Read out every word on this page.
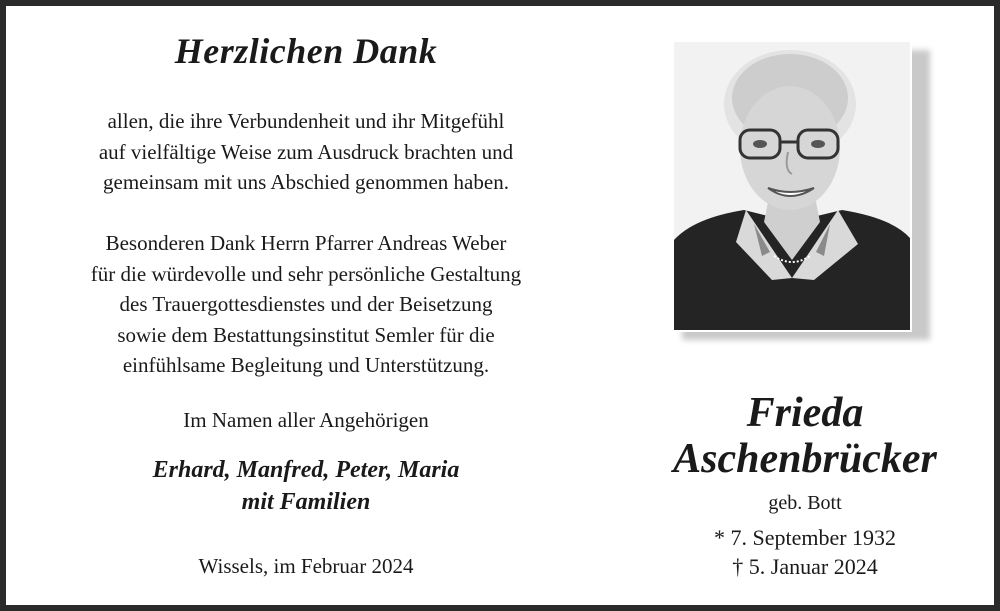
Herzlichen Dank
allen, die ihre Verbundenheit und ihr Mitgefühl
auf vielfältige Weise zum Ausdruck brachten und
gemeinsam mit uns Abschied genommen haben.
Besonderen Dank Herrn Pfarrer Andreas Weber
für die würdevolle und sehr persönliche Gestaltung
des Trauergottesdienstes und der Beisetzung
sowie dem Bestattungsinstitut Semler für die
einfühlsame Begleitung und Unterstützung.
Im Namen aller Angehörigen
Erhard, Manfred, Peter, Maria
mit Familien
Wissels, im Februar 2024
Frieda
Aschenbrücker
geb. Bott
* 7. September 1932
† 5. Januar 2024
